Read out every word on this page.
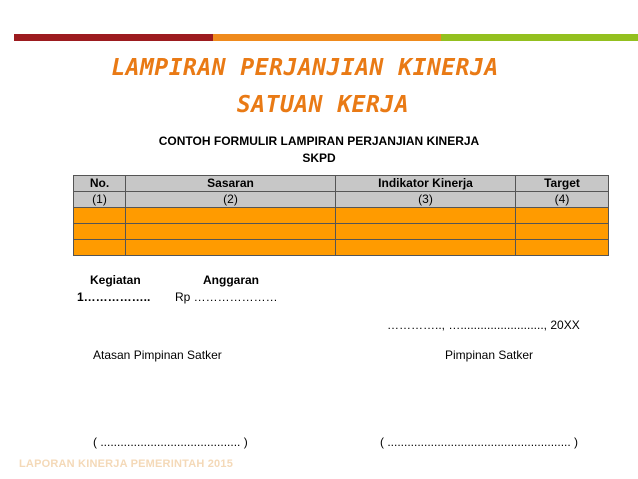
LAMPIRAN PERJANJIAN KINERJA
SATUAN KERJA
CONTOH FORMULIR LAMPIRAN PERJANJIAN KINERJA
SKPD
No.	Sasaran	Indikator Kinerja	Target
(1)	(2)	(3)	(4)

Kegiatan	Anggaran
1…………….. Rp …………………
………….., …........................., 20XX
Atasan Pimpinan Satker	Pimpinan Satker
( .......................................... )	( ....................................................... )
LAPORAN KINERJA PEMERINTAH 2015
